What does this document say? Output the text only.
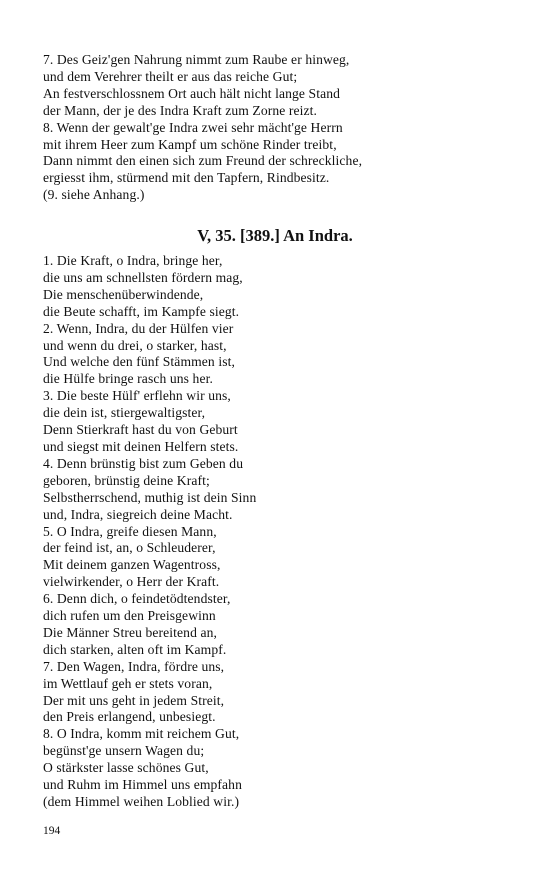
7. Des Geiz'gen Nahrung nimmt zum Raube er hinweg,
und dem Verehrer theilt er aus das reiche Gut;
An festverschlossnem Ort auch hält nicht lange Stand
der Mann, der je des Indra Kraft zum Zorne reizt.
8. Wenn der gewalt'ge Indra zwei sehr mächt'ge Herrn
mit ihrem Heer zum Kampf um schöne Rinder treibt,
Dann nimmt den einen sich zum Freund der schreckliche,
ergiesst ihm, stürmend mit den Tapfern, Rindbesitz.
(9. siehe Anhang.)
V, 35. [389.] An Indra.
1. Die Kraft, o Indra, bringe her,
die uns am schnellsten fördern mag,
Die menschenüberwindende,
die Beute schafft, im Kampfe siegt.
2. Wenn, Indra, du der Hülfen vier
und wenn du drei, o starker, hast,
Und welche den fünf Stämmen ist,
die Hülfe bringe rasch uns her.
3. Die beste Hülf' erflehn wir uns,
die dein ist, stiergewaltigster,
Denn Stierkraft hast du von Geburt
und siegst mit deinen Helfern stets.
4. Denn brünstig bist zum Geben du
geboren, brünstig deine Kraft;
Selbstherrschend, muthig ist dein Sinn
und, Indra, siegreich deine Macht.
5. O Indra, greife diesen Mann,
der feind ist, an, o Schleuderer,
Mit deinem ganzen Wagentross,
vielwirkender, o Herr der Kraft.
6. Denn dich, o feindetödtendster,
dich rufen um den Preisgewinn
Die Männer Streu bereitend an,
dich starken, alten oft im Kampf.
7. Den Wagen, Indra, fördre uns,
im Wettlauf geh er stets voran,
Der mit uns geht in jedem Streit,
den Preis erlangend, unbesiegt.
8. O Indra, komm mit reichem Gut,
begünst'ge unsern Wagen du;
O stärkster lasse schönes Gut,
und Ruhm im Himmel uns empfahn
(dem Himmel weihen Loblied wir.)
194
